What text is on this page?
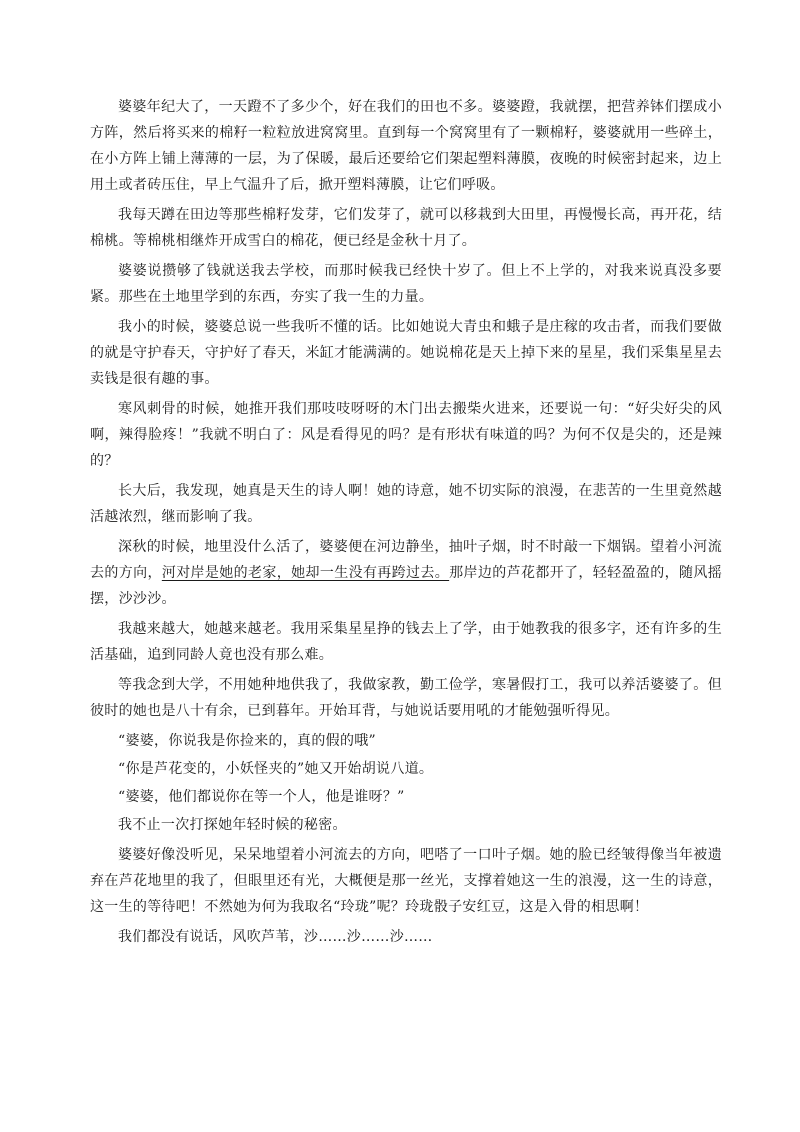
婆婆年纪大了，一天蹬不了多少个，好在我们的田也不多。婆婆蹬，我就摆，把营养钵们摆成小方阵，然后将买来的棉籽一粒粒放进窝窝里。直到每一个窝窝里有了一颗棉籽，婆婆就用一些碎土，在小方阵上铺上薄薄的一层，为了保暖，最后还要给它们架起塑料薄膜，夜晚的时候密封起来，边上用土或者砖压住，早上气温升了后，掀开塑料薄膜，让它们呼吸。

我每天蹲在田边等那些棉籽发芽，它们发芽了，就可以移栽到大田里，再慢慢长高，再开花，结棉桃。等棉桃相继炸开成雪白的棉花，便已经是金秋十月了。

婆婆说攒够了钱就送我去学校，而那时候我已经快十岁了。但上不上学的，对我来说真没多要紧。那些在土地里学到的东西，夯实了我一生的力量。

我小的时候，婆婆总说一些我听不懂的话。比如她说大青虫和蛾子是庄稼的攻击者，而我们要做的就是守护春天，守护好了春天，米缸才能满满的。她说棉花是天上掉下来的星星，我们采集星星去卖钱是很有趣的事。

寒风刺骨的时候，她推开我们那吱吱呀呀的木门出去搬柴火进来，还要说一句：“好尖好尖的风啊，辣得脸疼！”我就不明白了：风是看得见的吗？是有形状有味道的吗？为何不仅是尖的，还是辣的？

长大后，我发现，她真是天生的诗人啊！她的诗意，她不切实际的浪漫，在悲苦的一生里竟然越活越浓烈，继而影响了我。

深秋的时候，地里没什么活了，婆婆便在河边静坐，抽叶子烟，时不时敲一下烟锅。望着小河流去的方向，河对岸是她的老家，她却一生没有再跨过去。那岸边的芦花都开了，轻轻盈盈的，随风摇摆，沙沙沙。

我越来越大，她越来越老。我用采集星星挣的钱去上了学，由于她教我的很多字，还有许多的生活基础，追到同龄人竟也没有那么难。

等我念到大学，不用她种地供我了，我做家教，勤工俭学，寒暑假打工，我可以养活婆婆了。但彼时的她也是八十有余，已到暮年。开始耳背，与她说话要用吼的才能勉强听得见。

“婆婆，你说我是你捡来的，真的假的哦”

“你是芦花变的，小妖怪夹的”她又开始胡说八道。

“婆婆，他们都说你在等一个人，他是谁呀？”

我不止一次打探她年轻时候的秘密。

婆婆好像没听见，呆呆地望着小河流去的方向，吧嗒了一口叶子烟。她的脸已经皱得像当年被遗弃在芦花地里的我了，但眼里还有光，大概便是那一丝光，支撑着她这一生的浪漫，这一生的诗意，这一生的等待吧！不然她为何为我取名“玲珑”呢？玲珑骰子安红豆，这是入骨的相思啊！

我们都没有说话，风吹芦苇，沙……沙……沙……
